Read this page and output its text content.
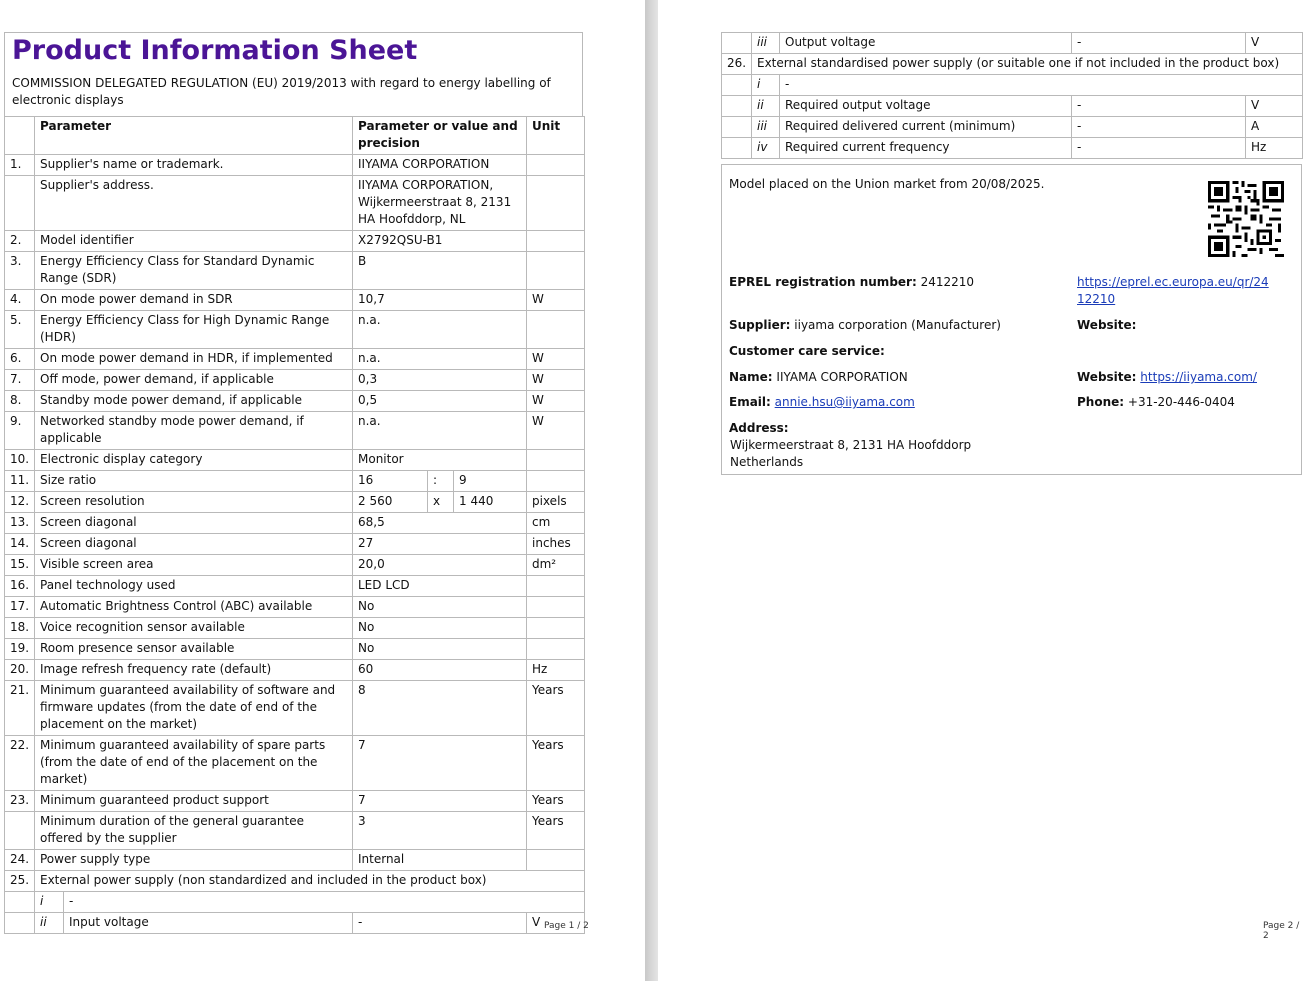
Product Information Sheet
COMMISSION DELEGATED REGULATION (EU) 2019/2013 with regard to energy labelling of electronic displays
	Parameter		Parameter or value and precision			Unit
1.	Supplier's name or trademark.		IIYAMA CORPORATION			
	Supplier's address.		IIYAMA CORPORATION, Wijkermeerstraat 8, 2131 HA Hoofddorp, NL			
2.	Model identifier		X2792QSU-B1			
3.	Energy Efficiency Class for Standard Dynamic Range (SDR)		B			
4.	On mode power demand in SDR		10,7			W
5.	Energy Efficiency Class for High Dynamic Range (HDR)		n.a.			
6.	On mode power demand in HDR, if implemented		n.a.			W
7.	Off mode, power demand, if applicable		0,3			W
8.	Standby mode power demand, if applicable		0,5			W
9.	Networked standby mode power demand, if applicable		n.a.			W
10.	Electronic display category		Monitor			
11.	Size ratio		16	:	9	
12.	Screen resolution		2 560	x	1 440	pixels
13.	Screen diagonal		68,5			cm
14.	Screen diagonal		27			inches
15.	Visible screen area		20,0			dm²
16.	Panel technology used		LED LCD			
17.	Automatic Brightness Control (ABC) available		No			
18.	Voice recognition sensor available		No			
19.	Room presence sensor available		No			
20.	Image refresh frequency rate (default)		60			Hz
21.	Minimum guaranteed availability of software and firmware updates (from the date of end of the placement on the market)		8			Years
22.	Minimum guaranteed availability of spare parts (from the date of end of the placement on the market)		7			Years
23.	Minimum guaranteed product support		7			Years
	Minimum duration of the general guarantee offered by the supplier		3			Years
24.	Power supply type		Internal			
25.	External power supply (non standardized and included in the product box)					
	i	-				
	ii	Input voltage	-			V Page 1 / 2
	iii	Output voltage	-	V
26.	External standardised power supply (or suitable one if not included in the product box)			
	i	-		
	ii	Required output voltage	-	V
	iii	Required delivered current (minimum)	-	A
	iv	Required current frequency	-	Hz
Page 2 / 2
Model placed on the Union market from 20/08/2025.
EPREL registration number: 2412210	https://eprel.ec.europa.eu/qr/24
12210
Supplier: iiyama corporation (Manufacturer)	Website:
Customer care service:
Name: IIYAMA CORPORATION	Website: https://iiyama.com/
Email: annie.hsu@iiyama.com	Phone: +31-20-446-0404
Address:
Wijkermeerstraat 8, 2131 HA Hoofddorp
Netherlands
